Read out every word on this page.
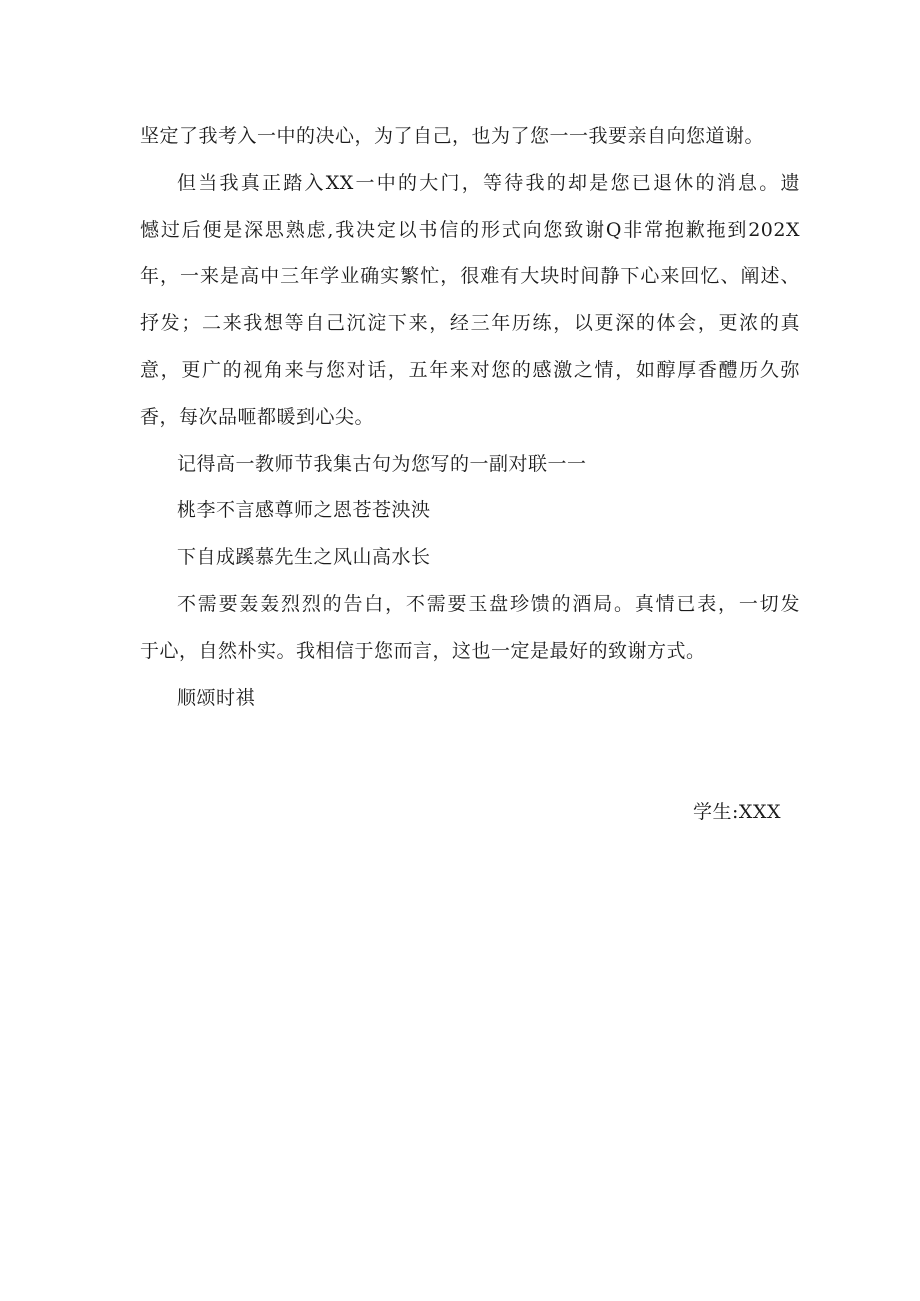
坚定了我考入一中的决心，为了自己，也为了您一一我要亲自向您道谢。

但当我真正踏入XX一中的大门，等待我的却是您已退休的消息。遗
憾过后便是深思熟虑,我决定以书信的形式向您致谢Q非常抱歉拖到202X
年，一来是高中三年学业确实繁忙，很难有大块时间静下心来回忆、阐述、
抒发；二来我想等自己沉淀下来，经三年历练，以更深的体会，更浓的真
意，更广的视角来与您对话，五年来对您的感激之情，如醇厚香醴历久弥
香，每次品咂都暖到心尖。

记得高一教师节我集古句为您写的一副对联一一

桃李不言感尊师之恩苍苍泱泱

下自成蹊慕先生之风山高水长

不需要轰轰烈烈的告白，不需要玉盘珍馈的酒局。真情已表，一切发
于心，自然朴实。我相信于您而言，这也一定是最好的致谢方式。

顺颂时祺

学生:XXX
